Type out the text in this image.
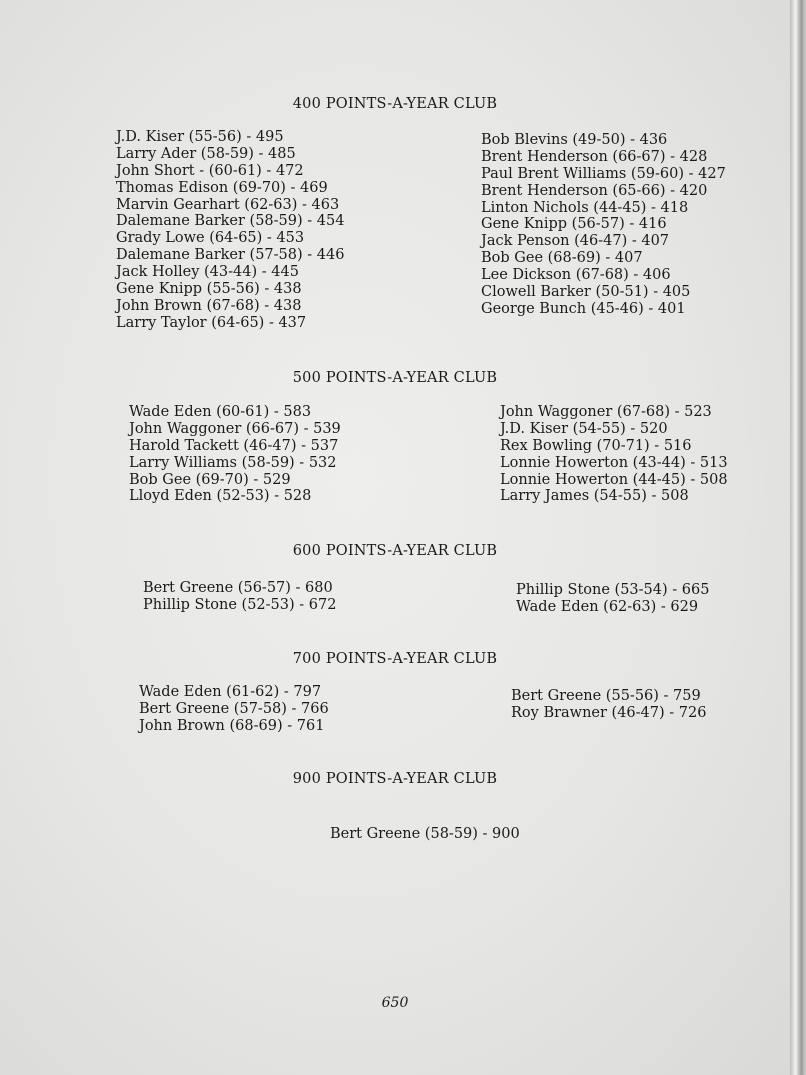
400 POINTS-A-YEAR CLUB
J.D. Kiser (55-56) - 495
Larry Ader (58-59) - 485
John Short - (60-61) - 472
Thomas Edison (69-70) - 469
Marvin Gearhart (62-63) - 463
Dalemane Barker (58-59) - 454
Grady Lowe (64-65) - 453
Dalemane Barker (57-58) - 446
Jack Holley (43-44) - 445
Gene Knipp (55-56) - 438
John Brown (67-68) - 438
Larry Taylor (64-65) - 437
Bob Blevins (49-50) - 436
Brent Henderson (66-67) - 428
Paul Brent Williams (59-60) - 427
Brent Henderson (65-66) - 420
Linton Nichols (44-45) - 418
Gene Knipp (56-57) - 416
Jack Penson (46-47) - 407
Bob Gee (68-69) - 407
Lee Dickson (67-68) - 406
Clowell Barker (50-51) - 405
George Bunch (45-46) - 401
500 POINTS-A-YEAR CLUB
Wade Eden (60-61) - 583
John Waggoner (66-67) - 539
Harold Tackett (46-47) - 537
Larry Williams (58-59) - 532
Bob Gee (69-70) - 529
Lloyd Eden (52-53) - 528
John Waggoner (67-68) - 523
J.D. Kiser (54-55) - 520
Rex Bowling (70-71) - 516
Lonnie Howerton (43-44) - 513
Lonnie Howerton (44-45) - 508
Larry James (54-55) - 508
600 POINTS-A-YEAR CLUB
Bert Greene (56-57) - 680
Phillip Stone (52-53) - 672
Phillip Stone (53-54) - 665
Wade Eden (62-63) - 629
700 POINTS-A-YEAR CLUB
Wade Eden (61-62) - 797
Bert Greene (57-58) - 766
John Brown (68-69) - 761
Bert Greene (55-56) - 759
Roy Brawner (46-47) - 726
900 POINTS-A-YEAR CLUB
Bert Greene (58-59) - 900
650
